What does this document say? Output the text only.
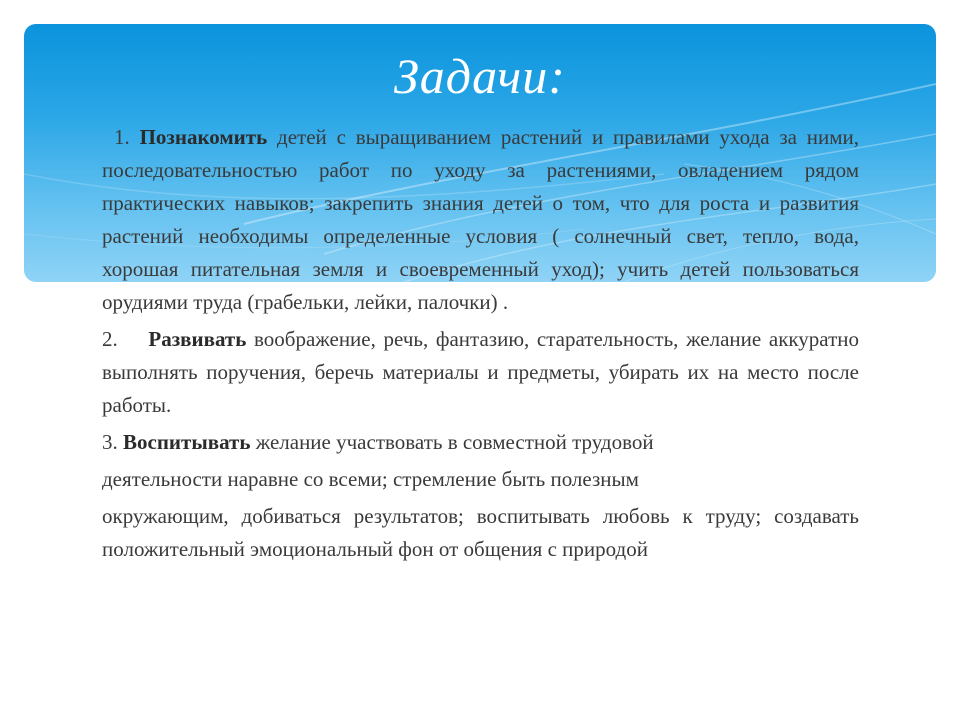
Задачи:

1. Познакомить детей с выращиванием растений и правилами ухода за ними, последовательностью работ по уходу за растениями, овладением рядом практических навыков; закрепить знания детей о том, что для роста и развития растений необходимы определенные условия ( солнечный свет, тепло, вода, хорошая питательная земля и своевременный уход); учить детей пользоваться орудиями труда (грабельки, лейки, палочки) .

2. Развивать воображение, речь, фантазию, старательность, желание аккуратно выполнять поручения, беречь материалы и предметы, убирать их на место после работы.

3. Воспитывать желание участвовать в совместной трудовой

деятельности наравне со всеми; стремление быть полезным

окружающим, добиваться результатов; воспитывать любовь к труду; создавать положительный эмоциональный фон от общения с природой
